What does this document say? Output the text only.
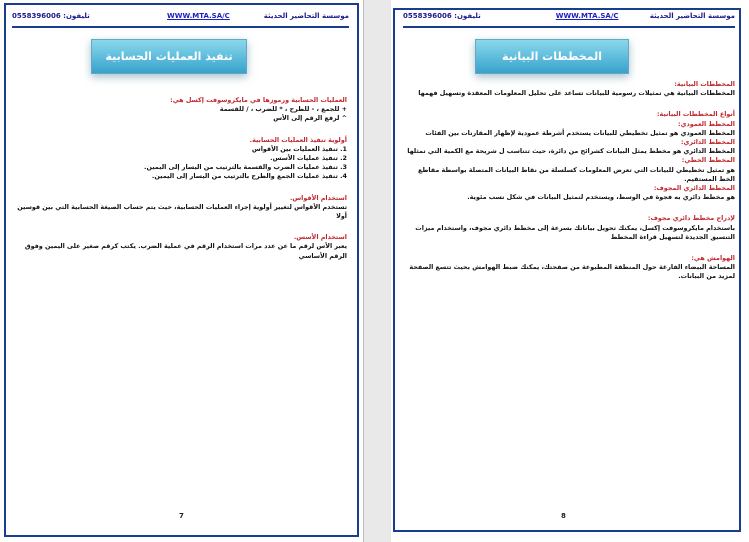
موسسة التحاضير الحديثة
WWW.MTA.SA/C
تليفون: 0558396006
تنفيذ العمليات الحسابية

العمليات الحسابية ورموزها في مايكروسوفت إكسل هي:

+ للجمع ، - للطرح ، * للضرب ، / للقسمة

^ لرفع الرقم إلى الأس

أولوية تنفيذ العمليات الحسابية.

1. تنفيذ العمليات بين الأقواس

2. تنفيذ عمليات الأسس.

3. تنفيذ عمليات الضرب والقسمة بالترتيب من اليسار إلى اليمين.

4. تنفيذ عمليات الجمع والطرح بالترتيب من اليسار إلى اليمين.

استخدام الأقواس.

تستخدم الأقواس لتغيير أولوية إجراء العمليات الحسابية، حيث يتم حساب الصيغة الحسابية التي بين قوسين أولا

استخدام الأسس.

يعبر الأس لرقم ما عن عدد مرات استخدام الرقم في عملية الضرب. يكتب كرقم صغير على اليمين وفوق الرقم الأساسي

7
موسسة التحاضير الحديثة
WWW.MTA.SA/C
تليفون: 0558396006
المخططات البيانية

المخططات البيانية:

المخططات البيانية هي تمثيلات رسومية للبيانات تساعد على تحليل المعلومات المعقدة وتسهيل فهمها

أنواع المخططات البيانية:

المخطط العمودي:

المخطط العمودي هو تمثيل تخطيطي للبيانات يستخدم أشرطة عمودية لإظهار المقارنات بين الفئات

المخطط الدائري:

المخطط الدائري هو مخطط يمثل البيانات كشرائح من دائرة، حيث تتناسب ل شريحة مع الكمية التي تمثلها

المخطط الخطي:

هو تمثيل تخطيطي للبيانات التي تعرض المعلومات كسلسلة من نقاط البيانات المتصلة بواسطة مقاطع الخط المستقيم.

المخطط الدائري المجوف:

هو مخطط دائري به فجوة في الوسط، ويستخدم لتمثيل البيانات في شكل نسب مئوية.

لإدراج مخطط دائري مجوف:

باستخدام مايكروسوفت إكسل، يمكنك تحويل بياناتك بسرعة إلى مخطط دائري مجوف، واستخدام ميزات التنسيق الجديدة لتسهيل قراءة المخطط

الهوامش هي:

المساحة البيضاء الفارغة حول المنطقة المطبوعة من صفحتك، يمكنك ضبط الهوامش بحيث تتسع الصفحة لمزيد من البيانات.

8
